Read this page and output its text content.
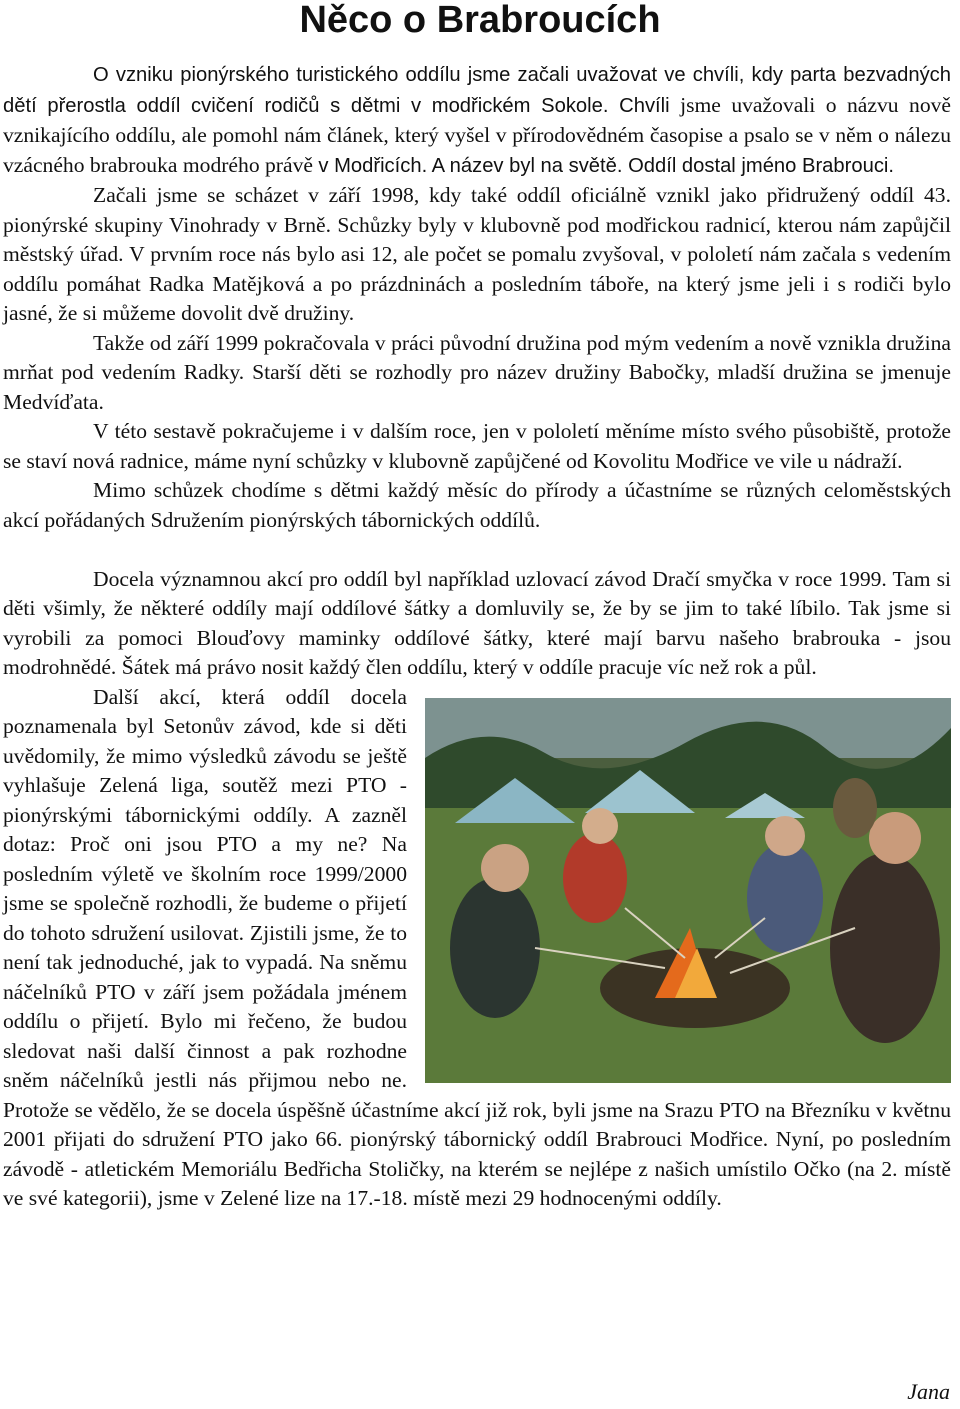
Něco o Brabroucích

O vzniku pionýrského turistického oddílu jsme začali uvažovat ve chvíli, kdy parta bezvadných dětí přerostla oddíl cvičení rodičů s dětmi v modřickém Sokole. Chvíli jsme uvažovali o názvu nově vznikajícího oddílu, ale pomohl nám článek, který vyšel v přírodovědném časopise a psalo se v něm o nálezu vzácného brabrouka modrého právě v Modřicích. A název byl na světě. Oddíl dostal jméno Brabrouci.

Začali jsme se scházet v září 1998, kdy také oddíl oficiálně vznikl jako přidružený oddíl 43. pionýrské skupiny Vinohrady v Brně. Schůzky byly v klubovně pod modřickou radnicí, kterou nám zapůjčil městský úřad. V prvním roce nás bylo asi 12, ale počet se pomalu zvyšoval, v pololetí nám začala s vedením oddílu pomáhat Radka Matějková a po prázdninách a posledním táboře, na který jsme jeli i s rodiči bylo jasné, že si můžeme dovolit dvě družiny.

Takže od září 1999 pokračovala v práci původní družina pod mým vedením a nově vznikla družina mrňat pod vedením Radky. Starší děti se rozhodly pro název družiny Babočky, mladší družina se jmenuje Medvíďata.

V této sestavě pokračujeme i v dalším roce, jen v pololetí měníme místo svého působiště, protože se staví nová radnice, máme nyní schůzky v klubovně zapůjčené od Kovolitu Modřice ve vile u nádraží.

Mimo schůzek chodíme s dětmi každý měsíc do přírody a účastníme se různých celoměstských akcí pořádaných Sdružením pionýrských tábornických oddílů.

Docela významnou akcí pro oddíl byl například uzlovací závod Dračí smyčka v roce 1999. Tam si děti všimly, že některé oddíly mají oddílové šátky a domluvily se, že by se jim to také líbilo. Tak jsme si vyrobili za pomoci Blouďovy maminky oddílové šátky, které mají barvu našeho brabrouka - jsou modrohnědé. Šátek má právo nosit každý člen oddílu, který v oddíle pracuje víc než rok a půl.

Další akcí, která oddíl docela poznamenala byl Setonův závod, kde si děti uvědomily, že mimo výsledků závodu se ještě vyhlašuje Zelená liga, soutěž mezi PTO - pionýrskými tábornickými oddíly. A zazněl dotaz: Proč oni jsou PTO a my ne? Na posledním výletě ve školním roce 1999/2000 jsme se společně rozhodli, že budeme o přijetí do tohoto sdružení usilovat. Zjistili jsme, že to není tak jednoduché, jak to vypadá. Na sněmu náčelníků PTO v září jsem požádala jménem oddílu o přijetí. Bylo mi řečeno, že budou sledovat naši další činnost a pak rozhodne sněm náčelníků jestli nás přijmou nebo ne. Protože se vědělo, že se docela úspěšně účastníme akcí již rok, byli jsme na Srazu PTO na Březníku v květnu 2001 přijati do sdružení PTO jako 66. pionýrský tábornický oddíl Brabrouci Modřice. Nyní, po posledním závodě - atletickém Memoriálu Bedřicha Stoličky, na kterém se nejlépe z našich umístilo Očko (na 2. místě ve své kategorii), jsme v Zelené lize na 17.-18. místě mezi 29 hodnocenými oddíly.

Jana
